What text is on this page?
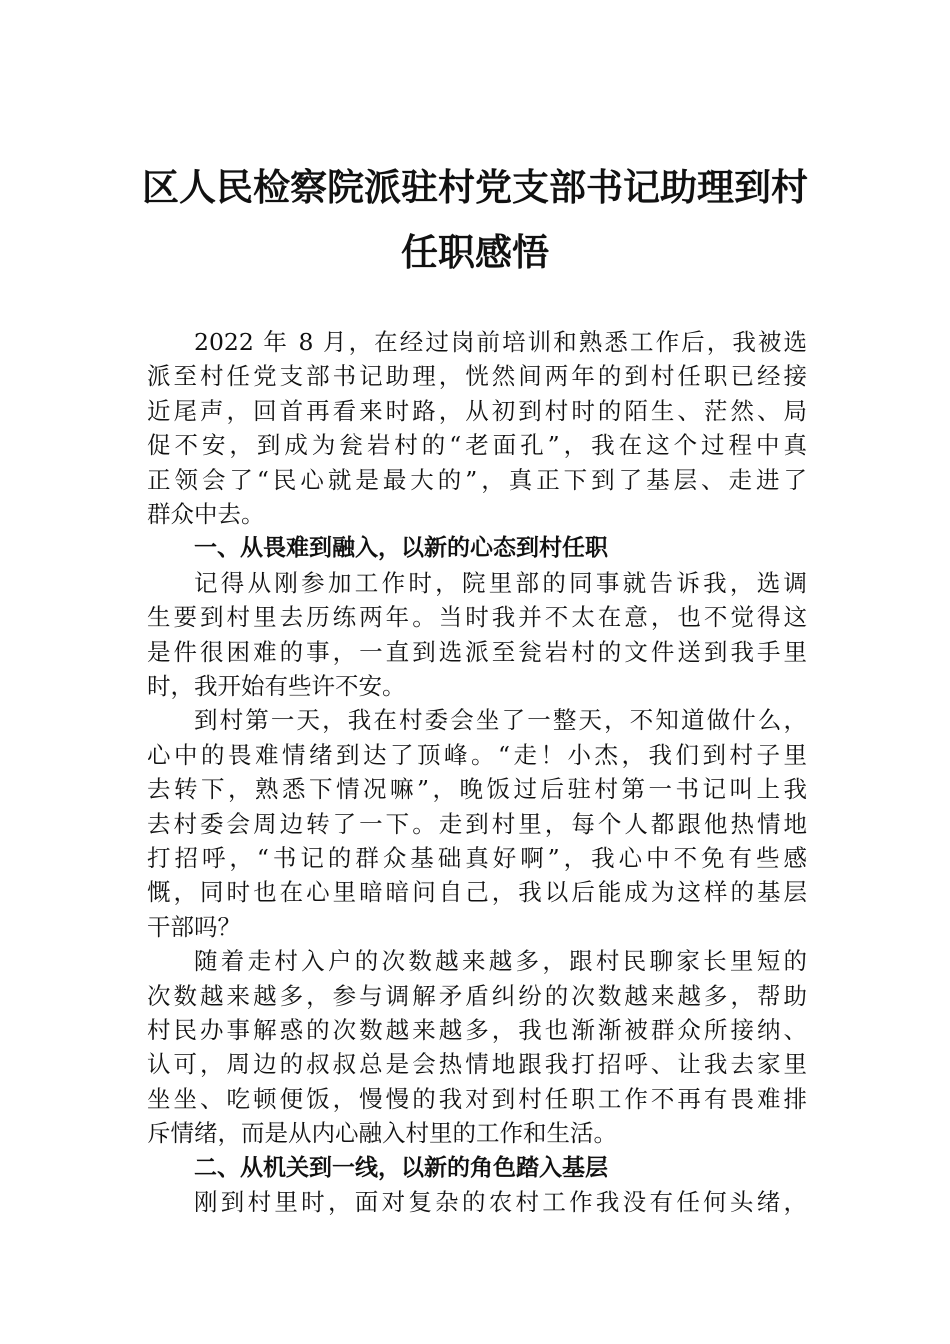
区人民检察院派驻村党支部书记助理到村
任职感悟
2022 年 8 月，在经过岗前培训和熟悉工作后，我被选
派至村任党支部书记助理，恍然间两年的到村任职已经接
近尾声，回首再看来时路，从初到村时的陌生、茫然、局
促不安，到成为瓮岩村的“老面孔”，我在这个过程中真
正领会了“民心就是最大的”，真正下到了基层、走进了
群众中去。
一、从畏难到融入，以新的心态到村任职
记得从刚参加工作时，院里部的同事就告诉我，选调
生要到村里去历练两年。当时我并不太在意，也不觉得这
是件很困难的事，一直到选派至瓮岩村的文件送到我手里
时，我开始有些许不安。
到村第一天，我在村委会坐了一整天，不知道做什么，
心中的畏难情绪到达了顶峰。“走！小杰，我们到村子里
去转下，熟悉下情况嘛”，晚饭过后驻村第一书记叫上我
去村委会周边转了一下。走到村里，每个人都跟他热情地
打招呼，“书记的群众基础真好啊”，我心中不免有些感
慨，同时也在心里暗暗问自己，我以后能成为这样的基层
干部吗？
随着走村入户的次数越来越多，跟村民聊家长里短的
次数越来越多，参与调解矛盾纠纷的次数越来越多，帮助
村民办事解惑的次数越来越多，我也渐渐被群众所接纳、
认可，周边的叔叔总是会热情地跟我打招呼、让我去家里
坐坐、吃顿便饭，慢慢的我对到村任职工作不再有畏难排
斥情绪，而是从内心融入村里的工作和生活。
二、从机关到一线，以新的角色踏入基层
刚到村里时，面对复杂的农村工作我没有任何头绪，
